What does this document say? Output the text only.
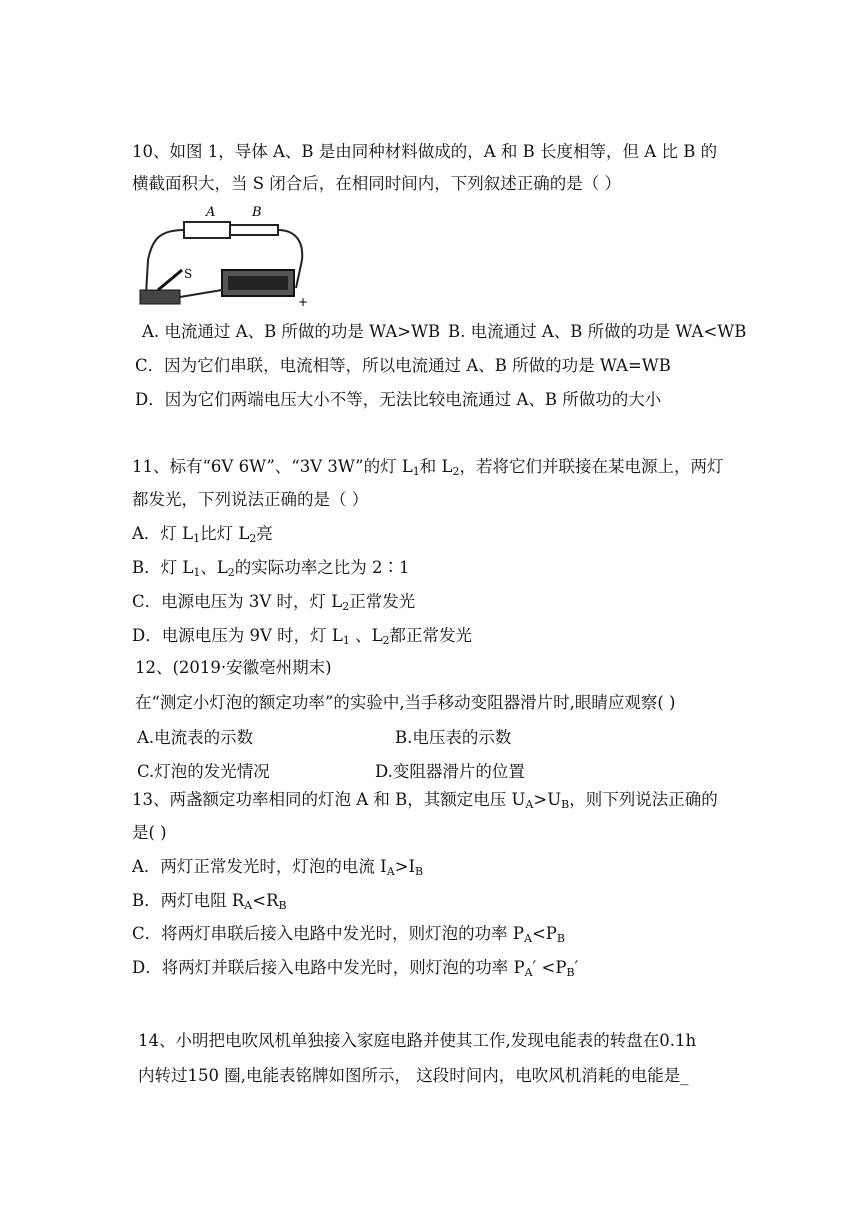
10、如图 1，导体 A、B 是由同种材料做成的，A 和 B 长度相等，但 A 比 B 的
横截面积大，当 S 闭合后，在相同时间内，下列叙述正确的是（ ）
A	B
S
+
A. 电流通过 A、B 所做的功是 WA>WB B. 电流通过 A、B 所做的功是 WA<WB
C．因为它们串联，电流相等，所以电流通过 A、B 所做的功是 WA=WB
D．因为它们两端电压大小不等，无法比较电流通过 A、B 所做功的大小
11、标有“6V 6W”、“3V 3W”的灯 $L_1$和 $L_2$，若将它们并联接在某电源上，两灯
都发光，下列说法正确的是（ ）
A．灯 $L_1$比灯 $L_2$亮
B．灯 $L_1$、$L_2$的实际功率之比为 2∶1
C．电源电压为 3V 时，灯 $L_2$正常发光
D．电源电压为 9V 时，灯 $L_1$ 、$L_2$都正常发光
12、(2019·安徽亳州期末)
在“测定小灯泡的额定功率”的实验中,当手移动变阻器滑片时,眼睛应观察( )
A.电流表的示数	B.电压表的示数
C.灯泡的发光情况	D.变阻器滑片的位置
13、两盏额定功率相同的灯泡 A 和 B，其额定电压 $U_A>U_B$，则下列说法正确的
是( )
A．两灯正常发光时，灯泡的电流 $I_A>I_B$
B．两灯电阻 $R_A<R_B$
C．将两灯串联后接入电路中发光时，则灯泡的功率 $P_A<P_B$
D．将两灯并联后接入电路中发光时，则灯泡的功率 $P_A' <P_B'$
14、小明把电吹风机单独接入家庭电路并使其工作,发现电能表的转盘在0.1h
内转过150 圈,电能表铭牌如图所示， 这段时间内，电吹风机消耗的电能是_
